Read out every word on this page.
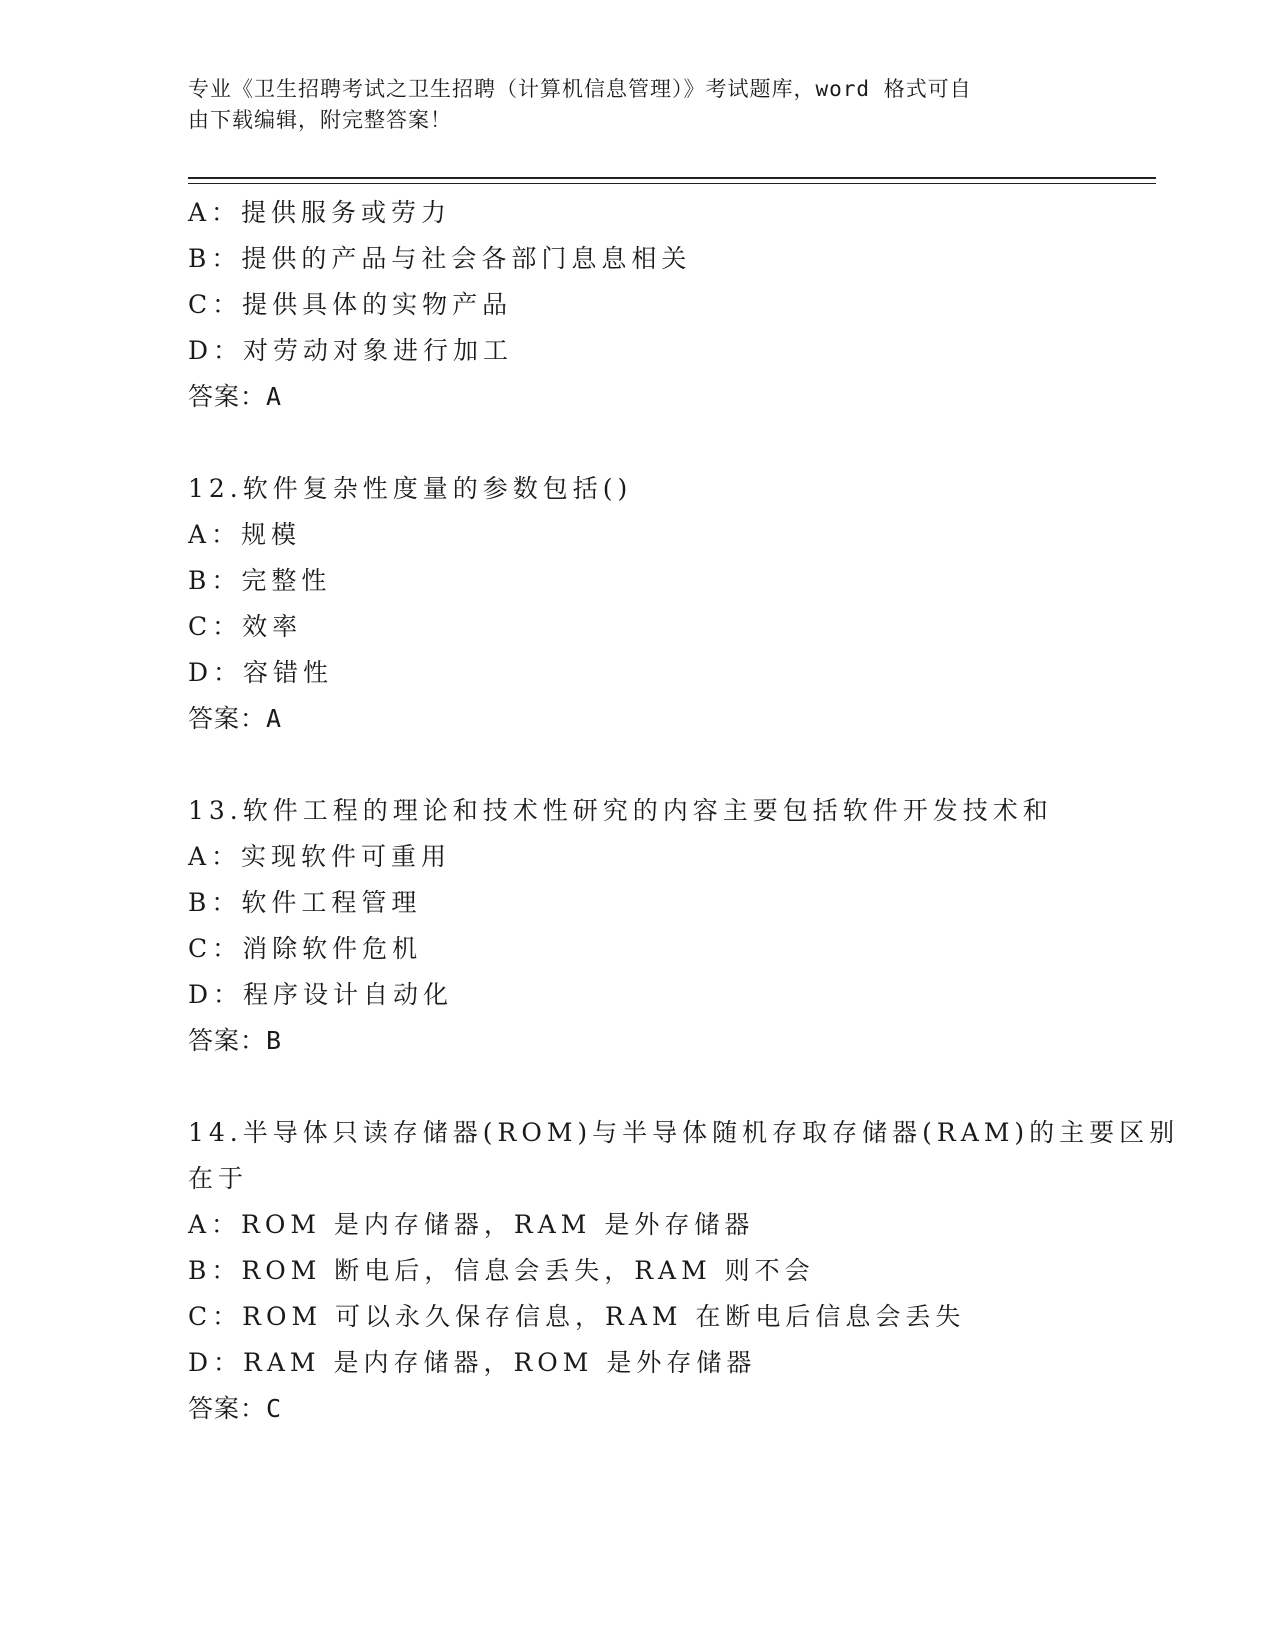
专业《卫生招聘考试之卫生招聘（计算机信息管理）》考试题库，word 格式可自
由下载编辑，附完整答案！
A：提供服务或劳力
B：提供的产品与社会各部门息息相关
C：提供具体的实物产品
D：对劳动对象进行加工
答案：A
12.软件复杂性度量的参数包括()
A：规模
B：完整性
C：效率
D：容错性
答案：A
13.软件工程的理论和技术性研究的内容主要包括软件开发技术和
A：实现软件可重用
B：软件工程管理
C：消除软件危机
D：程序设计自动化
答案：B
14.半导体只读存储器(ROM)与半导体随机存取存储器(RAM)的主要区别
在于
A：ROM 是内存储器，RAM 是外存储器
B：ROM 断电后，信息会丢失，RAM 则不会
C：ROM 可以永久保存信息，RAM 在断电后信息会丢失
D：RAM 是内存储器，ROM 是外存储器
答案：C
